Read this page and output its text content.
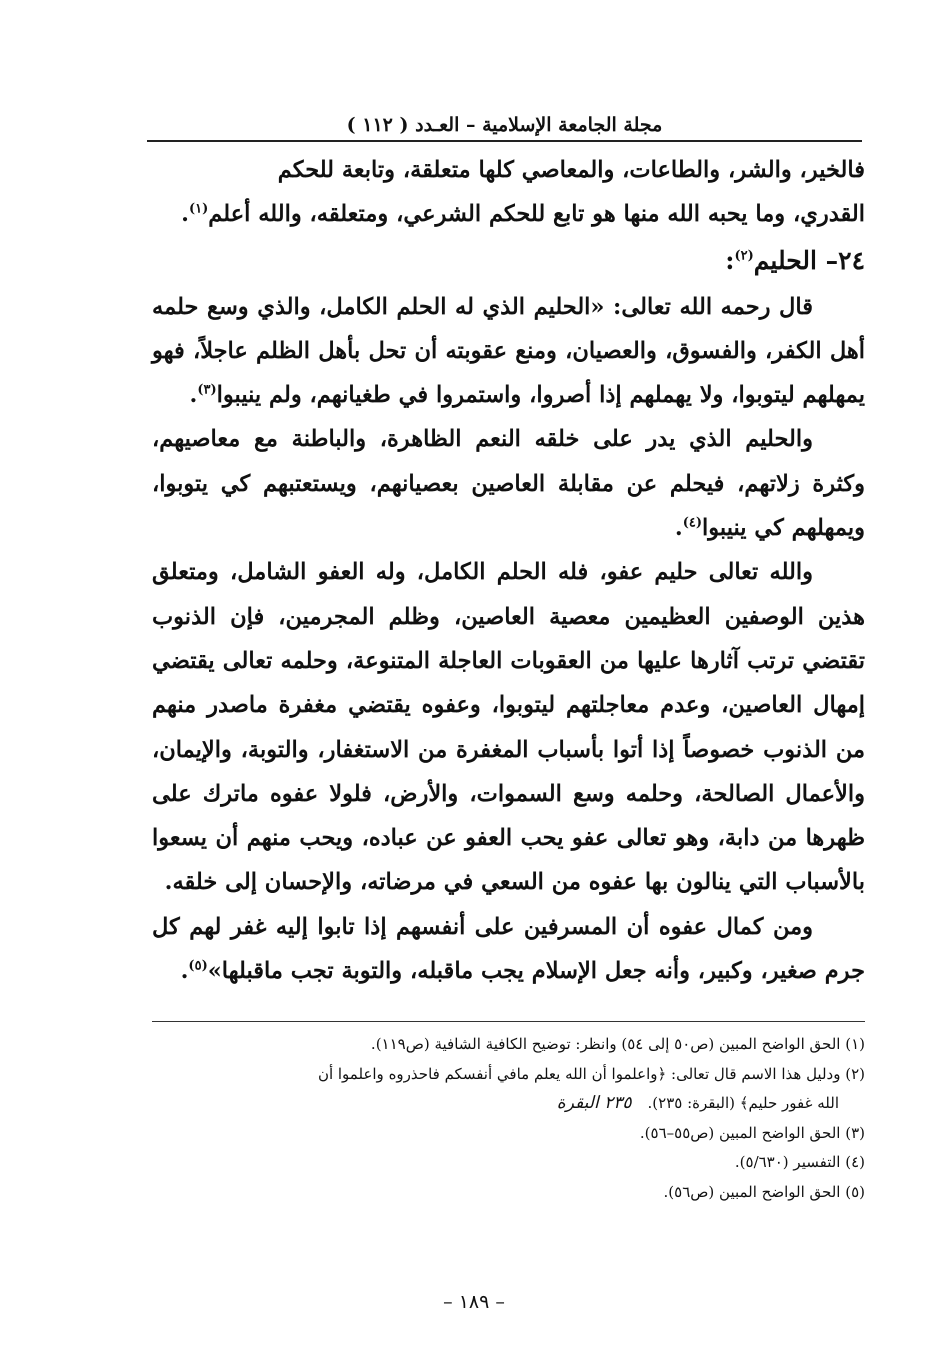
مجلة الجامعة الإسلامية – العـدد ( ١١٢ )

فالخير، والشر، والطاعات، والمعاصي كلها متعلقة، وتابعة للحكم

القدري، وما يحبه الله منها هو تابع للحكم الشرعي، ومتعلقه، والله أعلم$^{(١)}$.

٢٤– الحليم$^{(٢)}$:

قال رحمه الله تعالى: «الحليم الذي له الحلم الكامل، والذي وسع حلمه أهل الكفر، والفسوق، والعصيان، ومنع عقوبته أن تحل بأهل الظلم عاجلاً، فهو يمهلهم ليتوبوا، ولا يهملهم إذا أصروا، واستمروا في طغيانهم، ولم ينيبوا$^{(٣)}$.

والحليم الذي يدر على خلقه النعم الظاهرة، والباطنة مع معاصيهم، وكثرة زلاتهم، فيحلم عن مقابلة العاصين بعصيانهم، ويستعتبهم كي يتوبوا، ويمهلهم كي ينيبوا$^{(٤)}$.

والله تعالى حليم عفو، فله الحلم الكامل، وله العفو الشامل، ومتعلق هذين الوصفين العظيمين معصية العاصين، وظلم المجرمين، فإن الذنوب تقتضي ترتب آثارها عليها من العقوبات العاجلة المتنوعة، وحلمه تعالى يقتضي إمهال العاصين، وعدم معاجلتهم ليتوبوا، وعفوه يقتضي مغفرة ماصدر منهم من الذنوب خصوصاً إذا أتوا بأسباب المغفرة من الاستغفار، والتوبة، والإيمان، والأعمال الصالحة، وحلمه وسع السموات، والأرض، فلولا عفوه ماترك على ظهرها من دابة، وهو تعالى عفو يحب العفو عن عباده، ويحب منهم أن يسعوا بالأسباب التي ينالون بها عفوه من السعي في مرضاته، والإحسان إلى خلقه.

ومن كمال عفوه أن المسرفين على أنفسهم إذا تابوا إليه غفر لهم كل جرم صغير، وكبير، وأنه جعل الإسلام يجب ماقبله، والتوبة تجب ماقبلها»$^{(٥)}$.

(١) الحق الواضح المبين (ص٥٠ إلى ٥٤) وانظر: توضيح الكافية الشافية (ص١١٩).

(٢) ودليل هذا الاسم قال تعالى: ﴿واعلموا أن الله يعلم مافي أنفسكم فاحذروه واعلموا أن

الله غفور حليم﴾ (البقرة: ٢٣٥).٢٣٥ البقرة

(٣) الحق الواضح المبين (ص٥٥–٥٦).

(٤) التفسير (٥/٦٣٠).

(٥) الحق الواضح المبين (ص٥٦).

– ١٨٩ –
